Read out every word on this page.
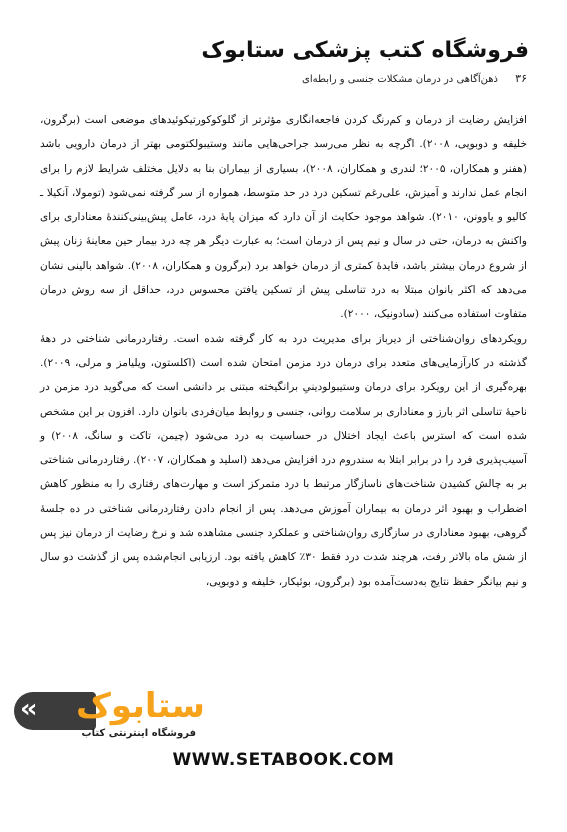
فروشگاه کتب پزشکی ستابوک
۳۶ ذهن‌آگاهی در درمان مشکلات جنسی و رابطه‌ای

افزایش رضایت از درمان و کم‌رنگ کردن فاجعه‌انگاری مؤثرتر از گلوکوکورتیکوئیدهای موضعی است (برگرون، خلیفه و دوبویی، ۲۰۰۸). اگرچه به نظر می‌رسد جراحی‌هایی مانند وستیبولکتومی بهتر از درمان دارویی باشد (هفنر و همکاران، ۲۰۰۵؛ لندری و همکاران، ۲۰۰۸)، بسیاری از بیماران بنا به دلایل مختلف شرایط لازم را برای انجام عمل ندارند و آمیزش، علی‌رغم تسکین درد در حد متوسط، همواره از سر گرفته نمی‌شود (تومولا، آنکیلا ـ کالیو و یاوونن، ۲۰۱۰). شواهد موجود حکایت از آن دارد که میزان پایهٔ درد، عامل پیش‌بینی‌کنندهٔ معناداری برای واکنش به درمان، حتی در سال و نیم پس از درمان است؛ به عبارت دیگر هر چه درد بیمار حین معاینهٔ زنان پیش از شروع درمان بیشتر باشد، فایدهٔ کمتری از درمان خواهد برد (برگرون و همکاران، ۲۰۰۸). شواهد بالینی نشان می‌دهد که اکثر بانوان مبتلا به درد تناسلی پیش از تسکین یافتن محسوس درد، حداقل از سه روش درمان متفاوت استفاده می‌کنند (سادونیک، ۲۰۰۰).

رویکردهای روان‌شناختی از دیرباز برای مدیریت درد به کار گرفته شده است. رفتاردرمانی شناختی در دههٔ گذشته در کارآزمایی‌های متعدد برای درمان درد مزمن امتحان شده است (اکلستون، ویلیامز و مرلی، ۲۰۰۹). بهره‌گیری از این رویکرد برای درمان وستیبولودینیِ برانگیخته مبتنی بر دانشی است که می‌گوید درد مزمن در ناحیهٔ تناسلی اثر بارز و معناداری بر سلامت روانی، جنسی و روابط میان‌فردی بانوان دارد. افزون بر این مشخص شده است که استرس باعث ایجاد اختلال در حساسیت به درد می‌شود (چیمن، تاکت و سانگ، ۲۰۰۸) و آسیب‌پذیری فرد را در برابر ابتلا به سندروم درد افزایش می‌دهد (اسلید و همکاران، ۲۰۰۷). رفتاردرمانی شناختی بر به چالش کشیدن شناخت‌های ناسازگار مرتبط با درد متمرکز است و مهارت‌های رفتاری را به منظور کاهش اضطراب و بهبود اثر درمان به بیماران آموزش می‌دهد. پس از انجام دادن رفتاردرمانی شناختی در ده جلسهٔ گروهی، بهبود معناداری در سازگاری روان‌شناختی و عملکرد جنسی مشاهده شد و نرخ رضایت از درمان نیز پس از شش ماه بالاتر رفت، هرچند شدت درد فقط ۳۰٪ کاهش یافته بود. ارزیابی انجام‌شده پس از گذشت دو سال و نیم بیانگر حفظ نتایج به‌دست‌آمده بود (برگرون، بوئیکار، خلیفه و دوبویی،

‹‹ ستابوک
فروشگاه اینترنتی کتاب
WWW.SETABOOK.COM
